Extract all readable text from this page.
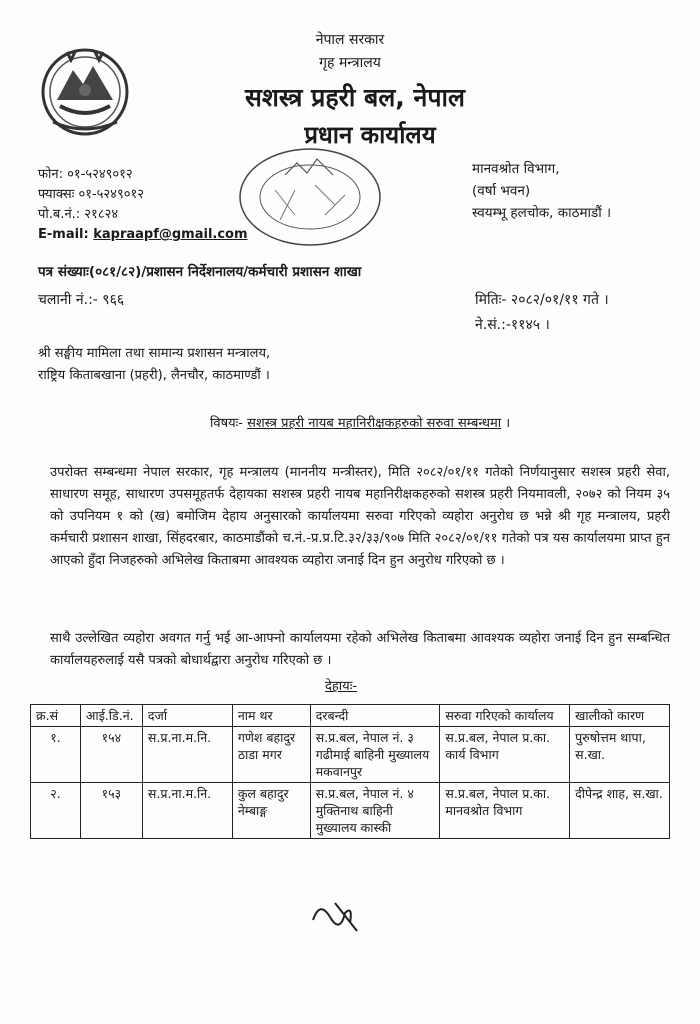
नेपाल सरकार
गृह मन्त्रालय
सशस्त्र प्रहरी बल, नेपाल
प्रधान कार्यालय
फोन: ०१-५२४९०१२
फ्याक्सः ०१-५२४९०१२
पो.ब.नं.: २१८२४
E-mail: kapraapf@gmail.com
मानवश्रोत विभाग,
(वर्षा भवन)
स्वयम्भू हलचोक, काठमाडौं ।
पत्र संख्याः(०८१/८२)/प्रशासन निर्देशनालय/कर्मचारी प्रशासन शाखा
चलानी नं.:- ९६६	मितिः- २०८२/०१/११ गते ।
ने.सं.:-११४५ ।
श्री सङ्घीय मामिला तथा सामान्य प्रशासन मन्त्रालय,
राष्ट्रिय किताबखाना (प्रहरी), लैनचौर, काठमाण्डौं ।
विषयः- सशस्त्र प्रहरी नायब महानिरीक्षकहरुको सरुवा सम्बन्धमा ।
उपरोक्त सम्बन्धमा नेपाल सरकार, गृह मन्त्रालय (माननीय मन्त्रीस्तर), मिति २०८२/०१/११ गतेको निर्णयानुसार सशस्त्र प्रहरी सेवा, साधारण समूह, साधारण उपसमूहतर्फ देहायका सशस्त्र प्रहरी नायब महानिरीक्षकहरुको सशस्त्र प्रहरी नियमावली, २०७२ को नियम ३५ को उपनियम १ को (ख) बमोजिम देहाय अनुसारको कार्यालयमा सरुवा गरिएको व्यहोरा अनुरोध छ भन्ने श्री गृह मन्त्रालय, प्रहरी कर्मचारी प्रशासन शाखा, सिंहदरबार, काठमाडौंको च.नं.-प्र.प्र.टि.३२/३३/९०७ मिति २०८२/०१/११ गतेको पत्र यस कार्यालयमा प्राप्त हुन आएको हुँदा निजहरुको अभिलेख किताबमा आवश्यक व्यहोरा जनाई दिन हुन अनुरोध गरिएको छ ।
साथै उल्लेखित व्यहोरा अवगत गर्नु भई आ-आफ्नो कार्यालयमा रहेको अभिलेख किताबमा आवश्यक व्यहोरा जनाई दिन हुन सम्बन्धित कार्यालयहरुलाई यसै पत्रको बोधार्थद्वारा अनुरोध गरिएको छ ।
देहायः-
क्र.सं	आई.डि.नं.	दर्जा	नाम थर	दरबन्दी	सरुवा गरिएको कार्यालय	खालीको कारण
१.	१५४	स.प्र.ना.म.नि.	गणेश बहादुर ठाडा मगर	स.प्र.बल, नेपाल नं. ३ गढीमाई बाहिनी मुख्यालय मकवानपुर	स.प्र.बल, नेपाल प्र.का. कार्य विभाग	पुरुषोत्तम थापा, स.खा.
२.	१५३	स.प्र.ना.म.नि.	कुल बहादुर नेम्बाङ्ग	स.प्र.बल, नेपाल नं. ४ मुक्तिनाथ बाहिनी मुख्यालय कास्की	स.प्र.बल, नेपाल प्र.का. मानवश्रोत विभाग	दीपेन्द्र शाह, स.खा.
